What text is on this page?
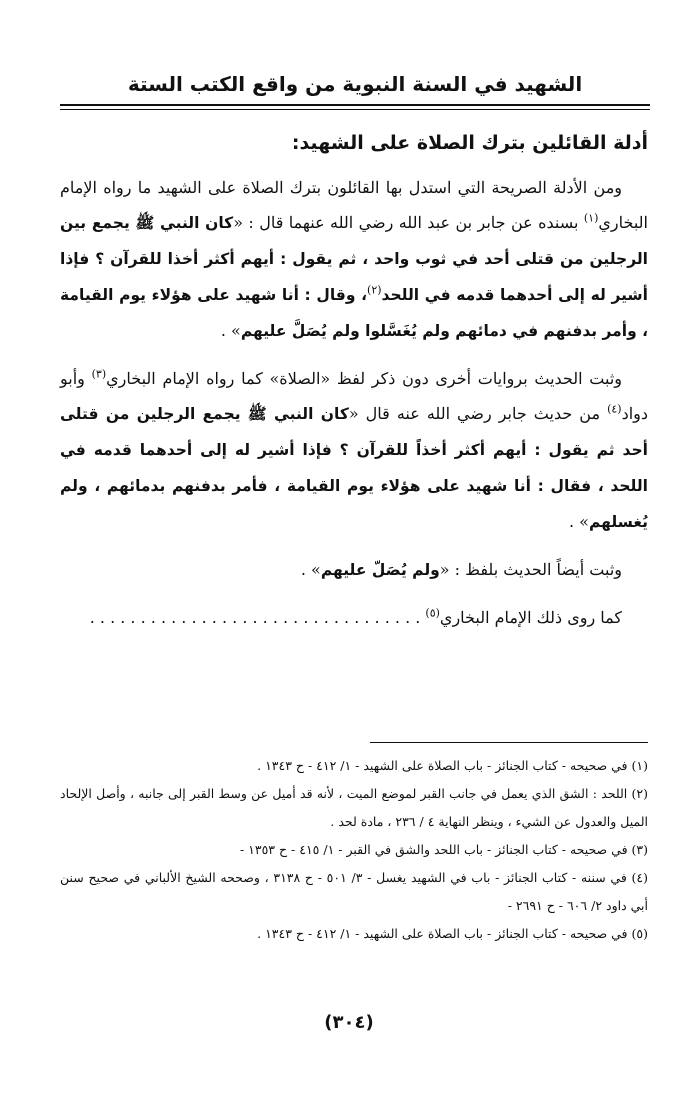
الشهيد في السنة النبوية من واقع الكتب الستة
أدلة القائلين بترك الصلاة على الشهيد:

ومن الأدلة الصريحة التي استدل بها القائلون بترك الصلاة على الشهيد ما رواه الإمام البخاري$^{(١)}$ بسنده عن جابر بن عبد الله رضي الله عنهما قال : «كان النبي ﷺ يجمع بين الرجلين من قتلى أحد في ثوب واحد ، ثم يقول : أيهم أكثر أخذا للقرآن ؟ فإذا أشير له إلى أحدهما قدمه في اللحد$^{(٢)}$، وقال : أنا شهيد على هؤلاء يوم القيامة ، وأمر بدفنهم في دمائهم ولم يُغَسَّلوا ولم يُصَلَّ عليهم» .

وثبت الحديث بروايات أخرى دون ذكر لفظ «الصلاة» كما رواه الإمام البخاري$^{(٣)}$ وأبو دواد$^{(٤)}$ من حديث جابر رضي الله عنه قال «كان النبي ﷺ يجمع الرجلين من قتلى أحد ثم يقول : أيهم أكثر أخذاً للقرآن ؟ فإذا أشير له إلى أحدهما قدمه في اللحد ، فقال : أنا شهيد على هؤلاء يوم القيامة ، فأمر بدفنهم بدمائهم ، ولم يُغسلهم» .

وثبت أيضاً الحديث بلفظ : «ولم يُصَلّ عليهم» .

كما روى ذلك الإمام البخاري$^{(٥)}$ . . . . . . . . . . . . . . . . . . . . . . . . . . . . . . . . .

(١) في صحيحه - كتاب الجنائز - باب الصلاة على الشهيد - ١/ ٤١٢ - ح ١٣٤٣ .

(٢) اللحد : الشق الذي يعمل في جانب القبر لموضع الميت ، لأنه قد أميل عن وسط القبر إلى جانبه ، وأصل الإلحاد الميل والعدول عن الشيء ، وينظر النهاية ٤ / ٢٣٦ ، مادة لحد .

(٣) في صحيحه - كتاب الجنائز - باب اللحد والشق في القبر - ١/ ٤١٥ - ح ١٣٥٣ -

(٤) في سننه - كتاب الجنائز - باب في الشهيد يغسل - ٣/ ٥٠١ - ح ٣١٣٨ ، وصححه الشيخ الألباني في صحيح سنن أبي داود ٢/ ٦٠٦ - ح ٢٦٩١ -

(٥) في صحيحه - كتاب الجنائز - باب الصلاة على الشهيد - ١/ ٤١٢ - ح ١٣٤٣ .

(٣٠٤)
